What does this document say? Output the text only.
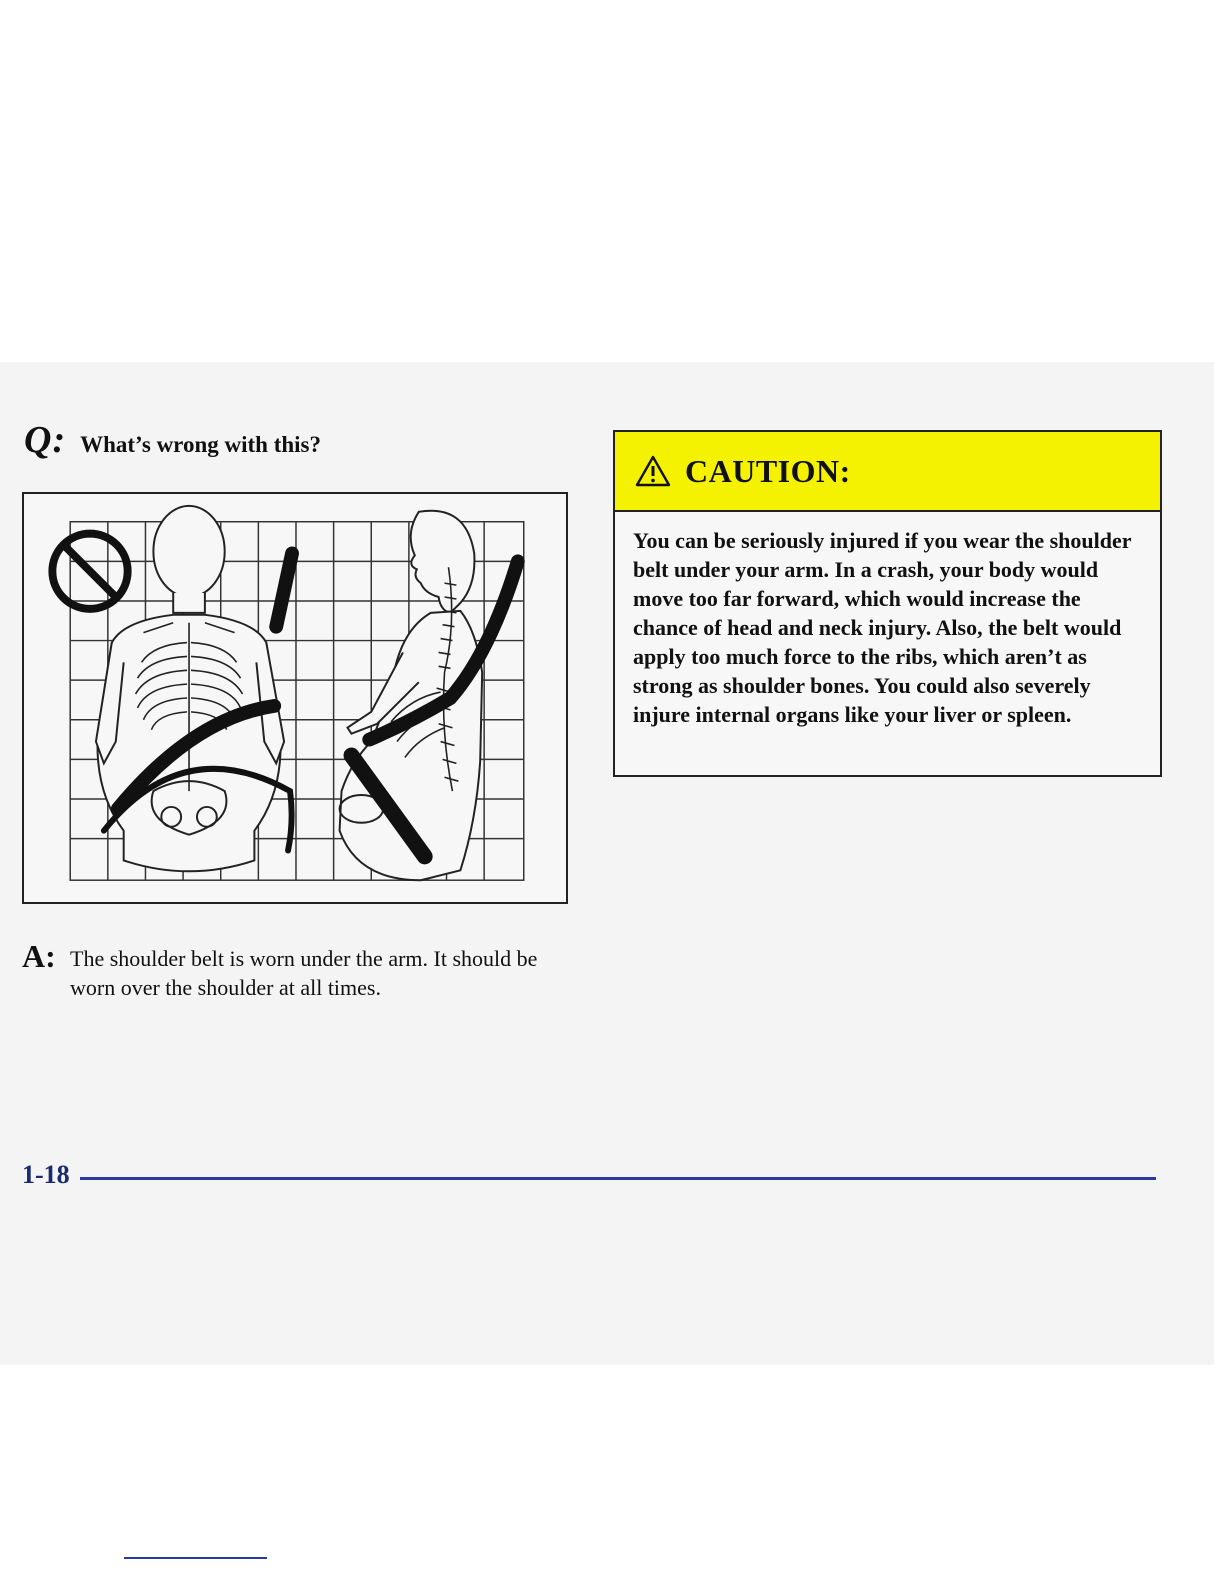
Q: What’s wrong with this?
A: The shoulder belt is worn under the arm. It should be worn over the shoulder at all times.
CAUTION:
You can be seriously injured if you wear the shoulder belt under your arm. In a crash, your body would move too far forward, which would increase the chance of head and neck injury. Also, the belt would apply too much force to the ribs, which aren’t as strong as shoulder bones. You could also severely injure internal organs like your liver or spleen.
1-18
